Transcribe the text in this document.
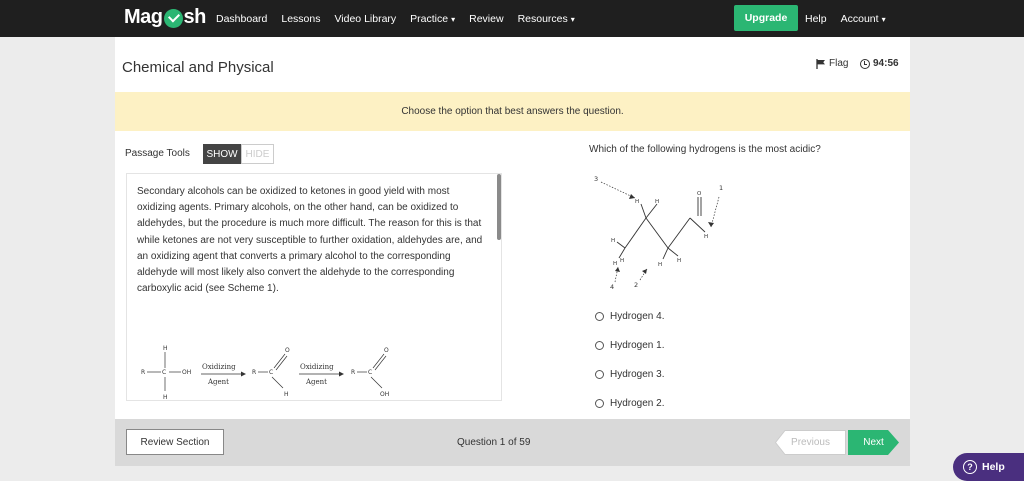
Mag sh Dashboard Lessons Video Library Practice ▾ Review Resources ▾	Upgrade	Help Account ▾
Chemical and Physical	Flag 94:56
Choose the option that best answers the question.
Passage Tools	SHOW HIDE
Secondary alcohols can be oxidized to ketones in good yield with most oxidizing agents. Primary alcohols, on the other hand, can be oxidized to aldehydes, but the procedure is much more difficult. The reason for this is that while ketones are not very susceptible to further oxidation, aldehydes are, and an oxidizing agent that converts a primary alcohol to the corresponding aldehyde will most likely also convert the aldehyde to the corresponding carboxylic acid (see Scheme 1).
H
R	C	OH
H
Oxidizing
Agent
Oxidizing
Agent
R C
O
H
R C
O
OH
Which of the following hydrogens is the most acidic?
3
1
4	2
H	H
O
H
H
H	H
H
H
Hydrogen 4.
Hydrogen 1.
Hydrogen 3.
Hydrogen 2.
Review Section	Question 1 of 59	Previous	Next
? Help
